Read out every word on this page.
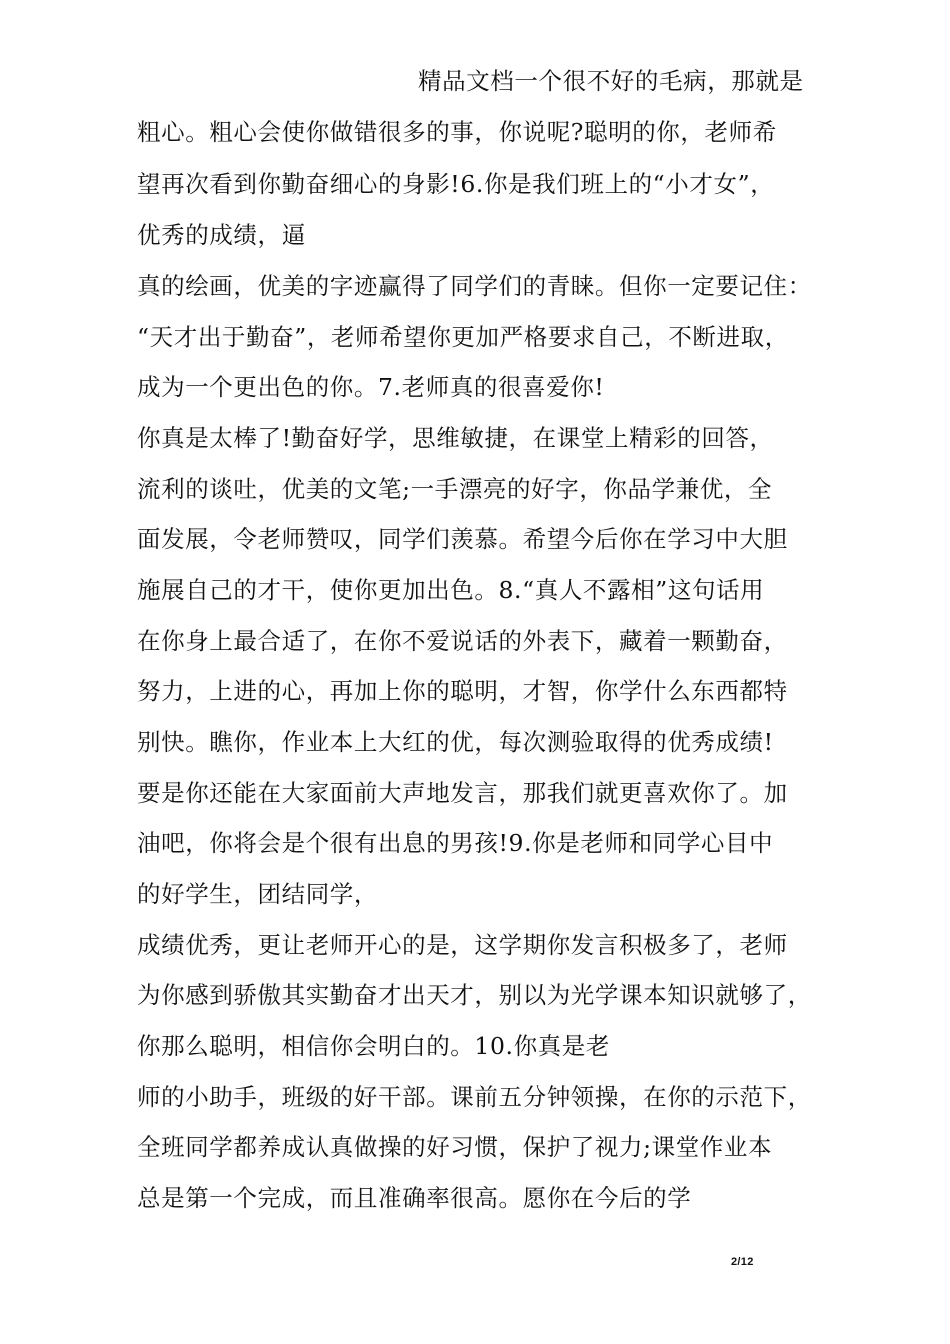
精品文档一个很不好的毛病，那就是
粗心。粗心会使你做错很多的事，你说呢?聪明的你，老师希
望再次看到你勤奋细心的身影!6.你是我们班上的“小才女”，
优秀的成绩，逼
真的绘画，优美的字迹赢得了同学们的青睐。但你一定要记住：
“天才出于勤奋”，老师希望你更加严格要求自己，不断进取，
成为一个更出色的你。7.老师真的很喜爱你!
你真是太棒了!勤奋好学，思维敏捷，在课堂上精彩的回答，
流利的谈吐，优美的文笔;一手漂亮的好字，你品学兼优，全
面发展，令老师赞叹，同学们羡慕。希望今后你在学习中大胆
施展自己的才干，使你更加出色。8.“真人不露相”这句话用
在你身上最合适了，在你不爱说话的外表下，藏着一颗勤奋，
努力，上进的心，再加上你的聪明，才智，你学什么东西都特
别快。瞧你，作业本上大红的优，每次测验取得的优秀成绩!
要是你还能在大家面前大声地发言，那我们就更喜欢你了。加
油吧，你将会是个很有出息的男孩!9.你是老师和同学心目中
的好学生，团结同学，
成绩优秀，更让老师开心的是，这学期你发言积极多了，老师
为你感到骄傲其实勤奋才出天才，别以为光学课本知识就够了，
你那么聪明，相信你会明白的。10.你真是老
师的小助手，班级的好干部。课前五分钟领操，在你的示范下，
全班同学都养成认真做操的好习惯，保护了视力;课堂作业本
总是第一个完成，而且准确率很高。愿你在今后的学
2/12
